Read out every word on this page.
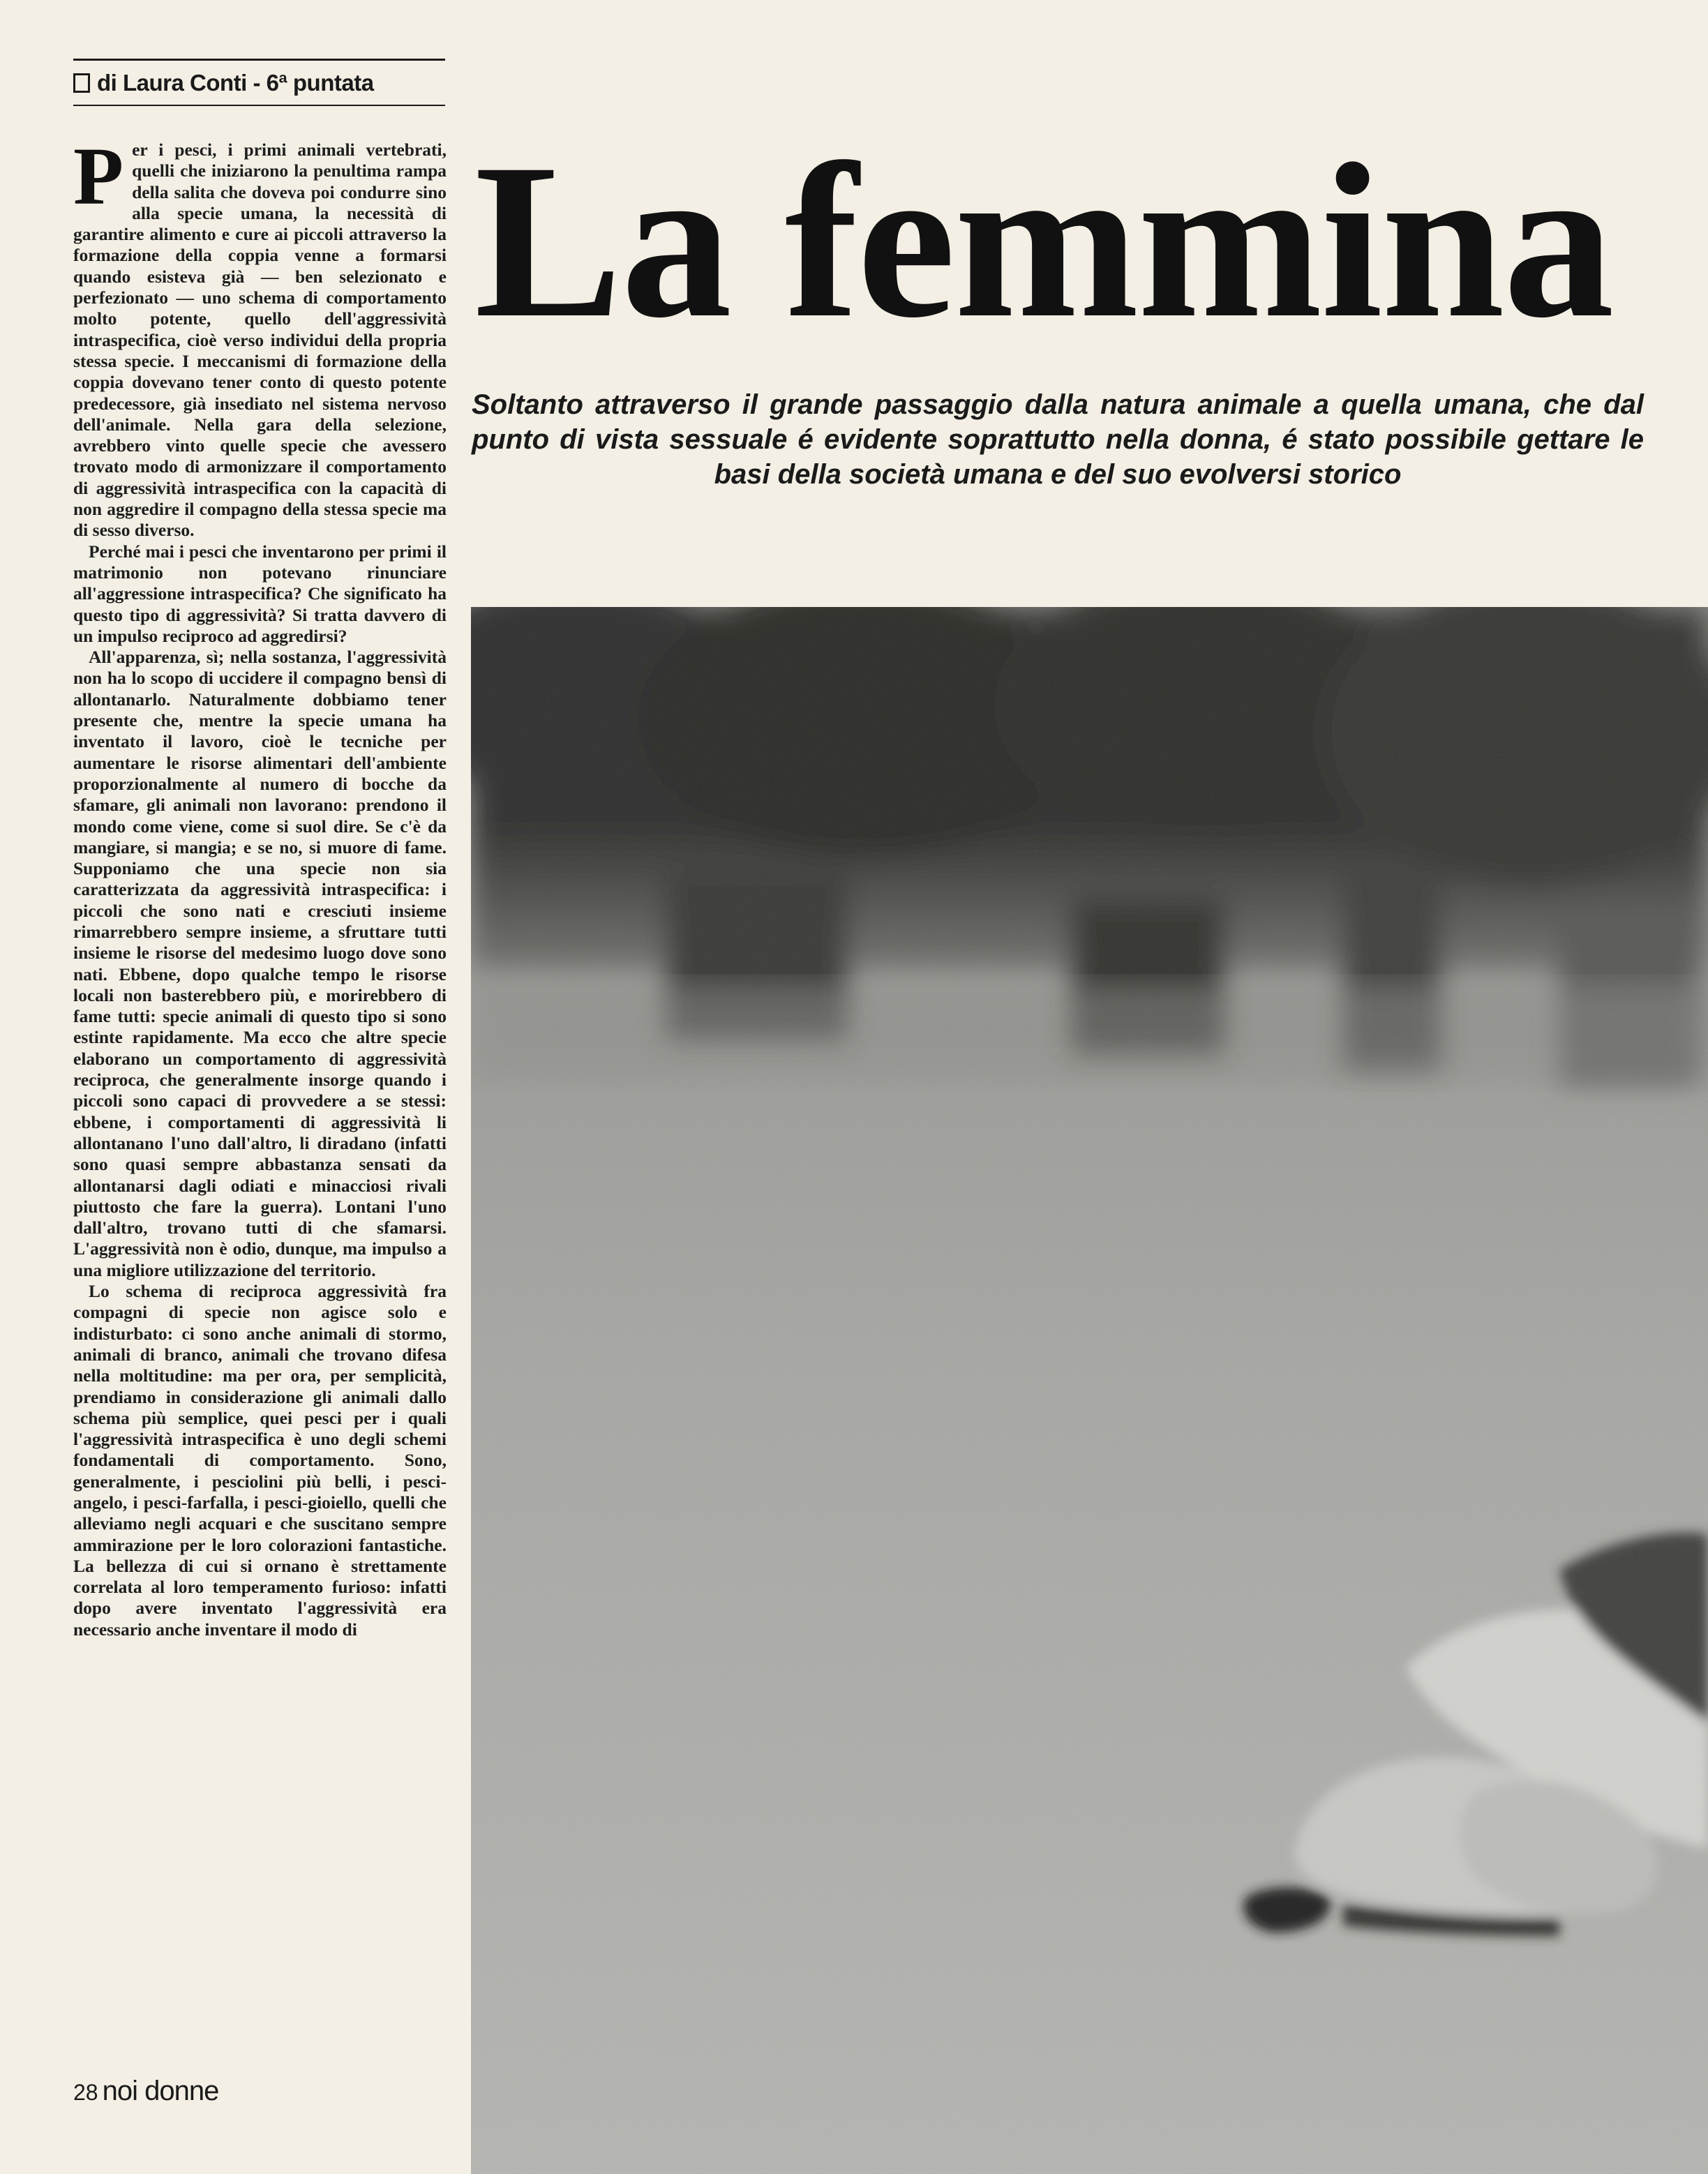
di Laura Conti - 6ª puntata

Per i pesci, i primi animali vertebrati, quelli che iniziarono la penultima rampa della salita che doveva poi condurre sino alla specie umana, la necessità di garantire alimento e cure ai piccoli attraverso la formazione della coppia venne a formarsi quando esisteva già — ben selezionato e perfezionato — uno schema di comportamento molto potente, quello dell'aggressività intraspecifica, cioè verso individui della propria stessa specie. I meccanismi di formazione della coppia dovevano tener conto di questo potente predecessore, già insediato nel sistema nervoso dell'animale. Nella gara della selezione, avrebbero vinto quelle specie che avessero trovato modo di armonizzare il comportamento di aggressività intraspecifica con la capacità di non aggredire il compagno della stessa specie ma di sesso diverso.

Perché mai i pesci che inventarono per primi il matrimonio non potevano rinunciare all'aggressione intraspecifica? Che significato ha questo tipo di aggressività? Si tratta davvero di un impulso reciproco ad aggredirsi?

All'apparenza, sì; nella sostanza, l'aggressività non ha lo scopo di uccidere il compagno bensì di allontanarlo. Naturalmente dobbiamo tener presente che, mentre la specie umana ha inventato il lavoro, cioè le tecniche per aumentare le risorse alimentari dell'ambiente proporzionalmente al numero di bocche da sfamare, gli animali non lavorano: prendono il mondo come viene, come si suol dire. Se c'è da mangiare, si mangia; e se no, si muore di fame. Supponiamo che una specie non sia caratterizzata da aggressività intraspecifica: i piccoli che sono nati e cresciuti insieme rimarrebbero sempre insieme, a sfruttare tutti insieme le risorse del medesimo luogo dove sono nati. Ebbene, dopo qualche tempo le risorse locali non basterebbero più, e morirebbero di fame tutti: specie animali di questo tipo si sono estinte rapidamente. Ma ecco che altre specie elaborano un comportamento di aggressività reciproca, che generalmente insorge quando i piccoli sono capaci di provvedere a se stessi: ebbene, i comportamenti di aggressività li allontanano l'uno dall'altro, li diradano (infatti sono quasi sempre abbastanza sensati da allontanarsi dagli odiati e minacciosi rivali piuttosto che fare la guerra). Lontani l'uno dall'altro, trovano tutti di che sfamarsi. L'aggressività non è odio, dunque, ma impulso a una migliore utilizzazione del territorio.

Lo schema di reciproca aggressività fra compagni di specie non agisce solo e indisturbato: ci sono anche animali di stormo, animali di branco, animali che trovano difesa nella moltitudine: ma per ora, per semplicità, prendiamo in considerazione gli animali dallo schema più semplice, quei pesci per i quali l'aggressività intraspecifica è uno degli schemi fondamentali di comportamento. Sono, generalmente, i pesciolini più belli, i pesci-angelo, i pesci-farfalla, i pesci-gioiello, quelli che alleviamo negli acquari e che suscitano sempre ammirazione per le loro colorazioni fantastiche. La bellezza di cui si ornano è strettamente correlata al loro temperamento furioso: infatti dopo avere inventato l'aggressività era necessario anche inventare il modo di

La femmina
Soltanto attraverso il grande passaggio dalla natura animale a quella umana, che dal punto di vista sessuale é evidente soprattutto nella donna, é stato possibile gettare le basi della società umana e del suo evolversi storico
28 noi donne
